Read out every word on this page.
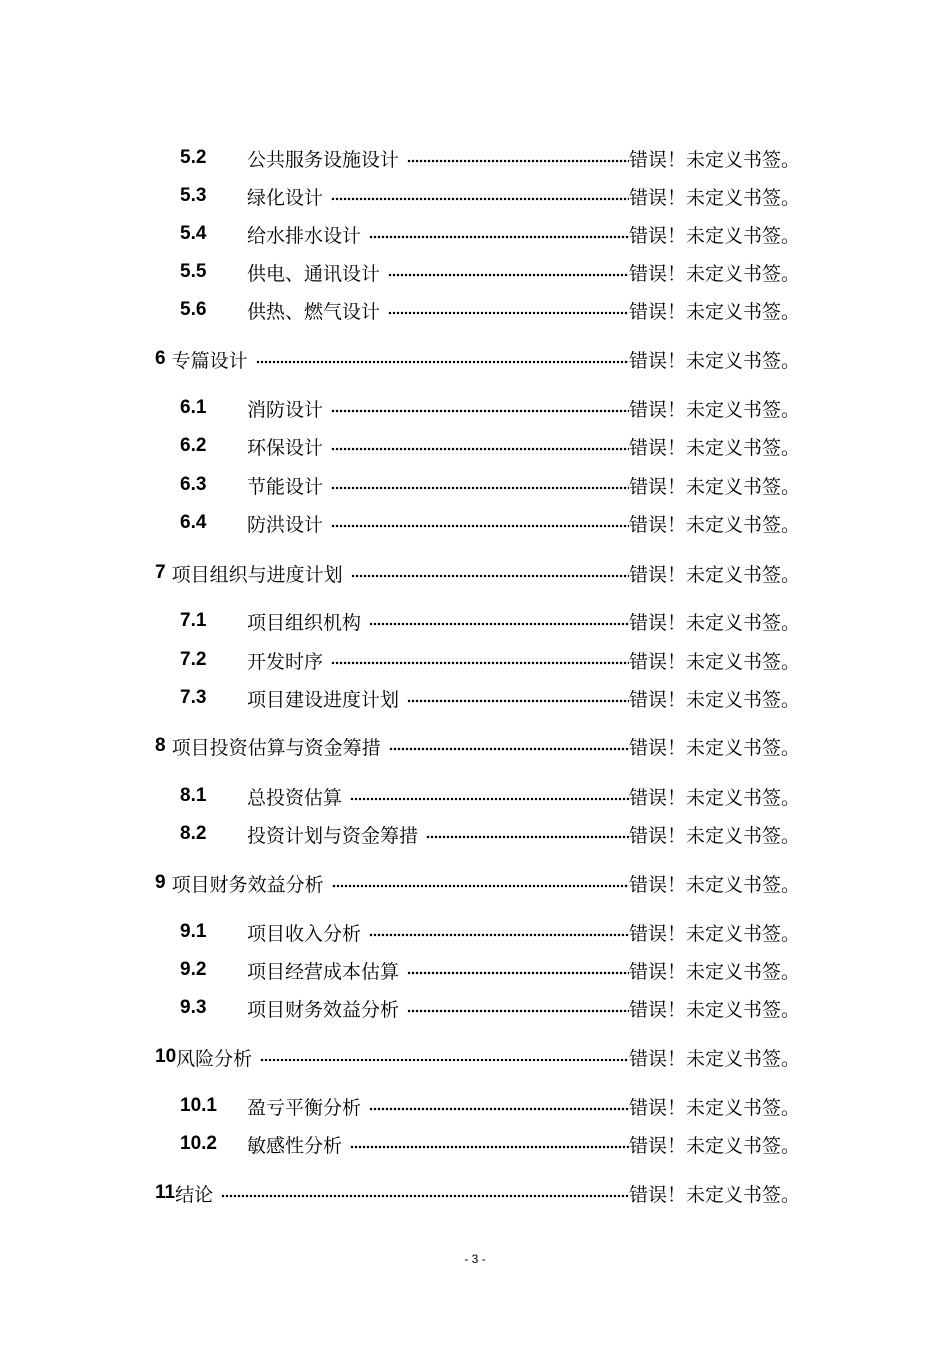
5.2	公共服务设施设计	错误！未定义书签。
5.3	绿化设计	错误！未定义书签。
5.4	给水排水设计	错误！未定义书签。
5.5	供电、通讯设计	错误！未定义书签。
5.6	供热、燃气设计	错误！未定义书签。
6 专篇设计	错误！未定义书签。
6.1	消防设计	错误！未定义书签。
6.2	环保设计	错误！未定义书签。
6.3	节能设计	错误！未定义书签。
6.4	防洪设计	错误！未定义书签。
7 项目组织与进度计划	错误！未定义书签。
7.1	项目组织机构	错误！未定义书签。
7.2	开发时序	错误！未定义书签。
7.3	项目建设进度计划	错误！未定义书签。
8 项目投资估算与资金筹措	错误！未定义书签。
8.1	总投资估算	错误！未定义书签。
8.2	投资计划与资金筹措	错误！未定义书签。
9 项目财务效益分析	错误！未定义书签。
9.1	项目收入分析	错误！未定义书签。
9.2	项目经营成本估算	错误！未定义书签。
9.3	项目财务效益分析	错误！未定义书签。
10 风险分析	错误！未定义书签。
10.1	盈亏平衡分析	错误！未定义书签。
10.2	敏感性分析	错误！未定义书签。
11 结论	错误！未定义书签。
- 3 -
